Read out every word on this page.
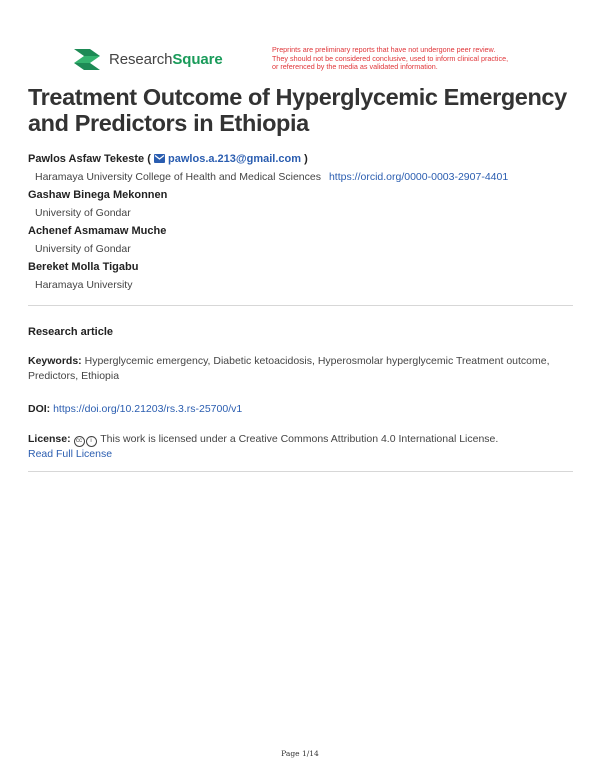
ResearchSquare
Preprints are preliminary reports that have not undergone peer review.
They should not be considered conclusive, used to inform clinical practice,
or referenced by the media as validated information.
Treatment Outcome of Hyperglycemic Emergency and Predictors in Ethiopia
Pawlos Asfaw Tekeste ( pawlos.a.213@gmail.com )
Haramaya University College of Health and Medical Sciences https://orcid.org/0000-0003-2907-4401
Gashaw Binega Mekonnen
University of Gondar
Achenef Asmamaw Muche
University of Gondar
Bereket Molla Tigabu
Haramaya University
Research article
Keywords: Hyperglycemic emergency, Diabetic ketoacidosis, Hyperosmolar hyperglycemic Treatment outcome, Predictors, Ethiopia
DOI: https://doi.org/10.21203/rs.3.rs-25700/v1
License: cc i This work is licensed under a Creative Commons Attribution 4.0 International License.
Read Full License
Page 1/14
